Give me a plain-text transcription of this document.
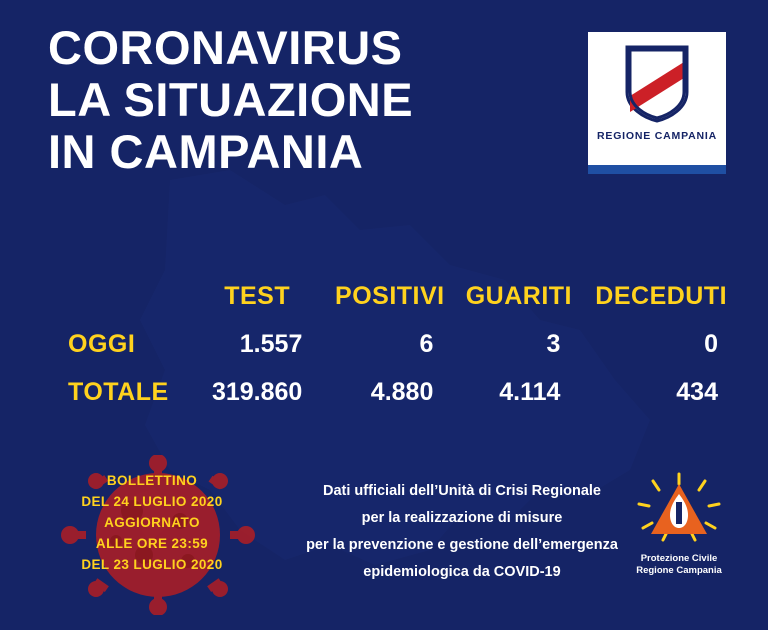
CORONAVIRUS
LA SITUAZIONE
IN CAMPANIA	REGIONE CAMPANIA
	TEST	POSITIVI	GUARITI	DECEDUTI
OGGI	1.557	6	3	0
TOTALE	319.860	4.880	4.114	434
BOLLETTINO
DEL 24 LUGLIO 2020
AGGIORNATO
ALLE ORE 23:59
DEL 23 LUGLIO 2020
Dati ufficiali dell’Unità di Crisi Regionale
per la realizzazione di misure
per la prevenzione e gestione dell’emergenza
epidemiologica da COVID-19
Protezione Civile
Regione Campania
